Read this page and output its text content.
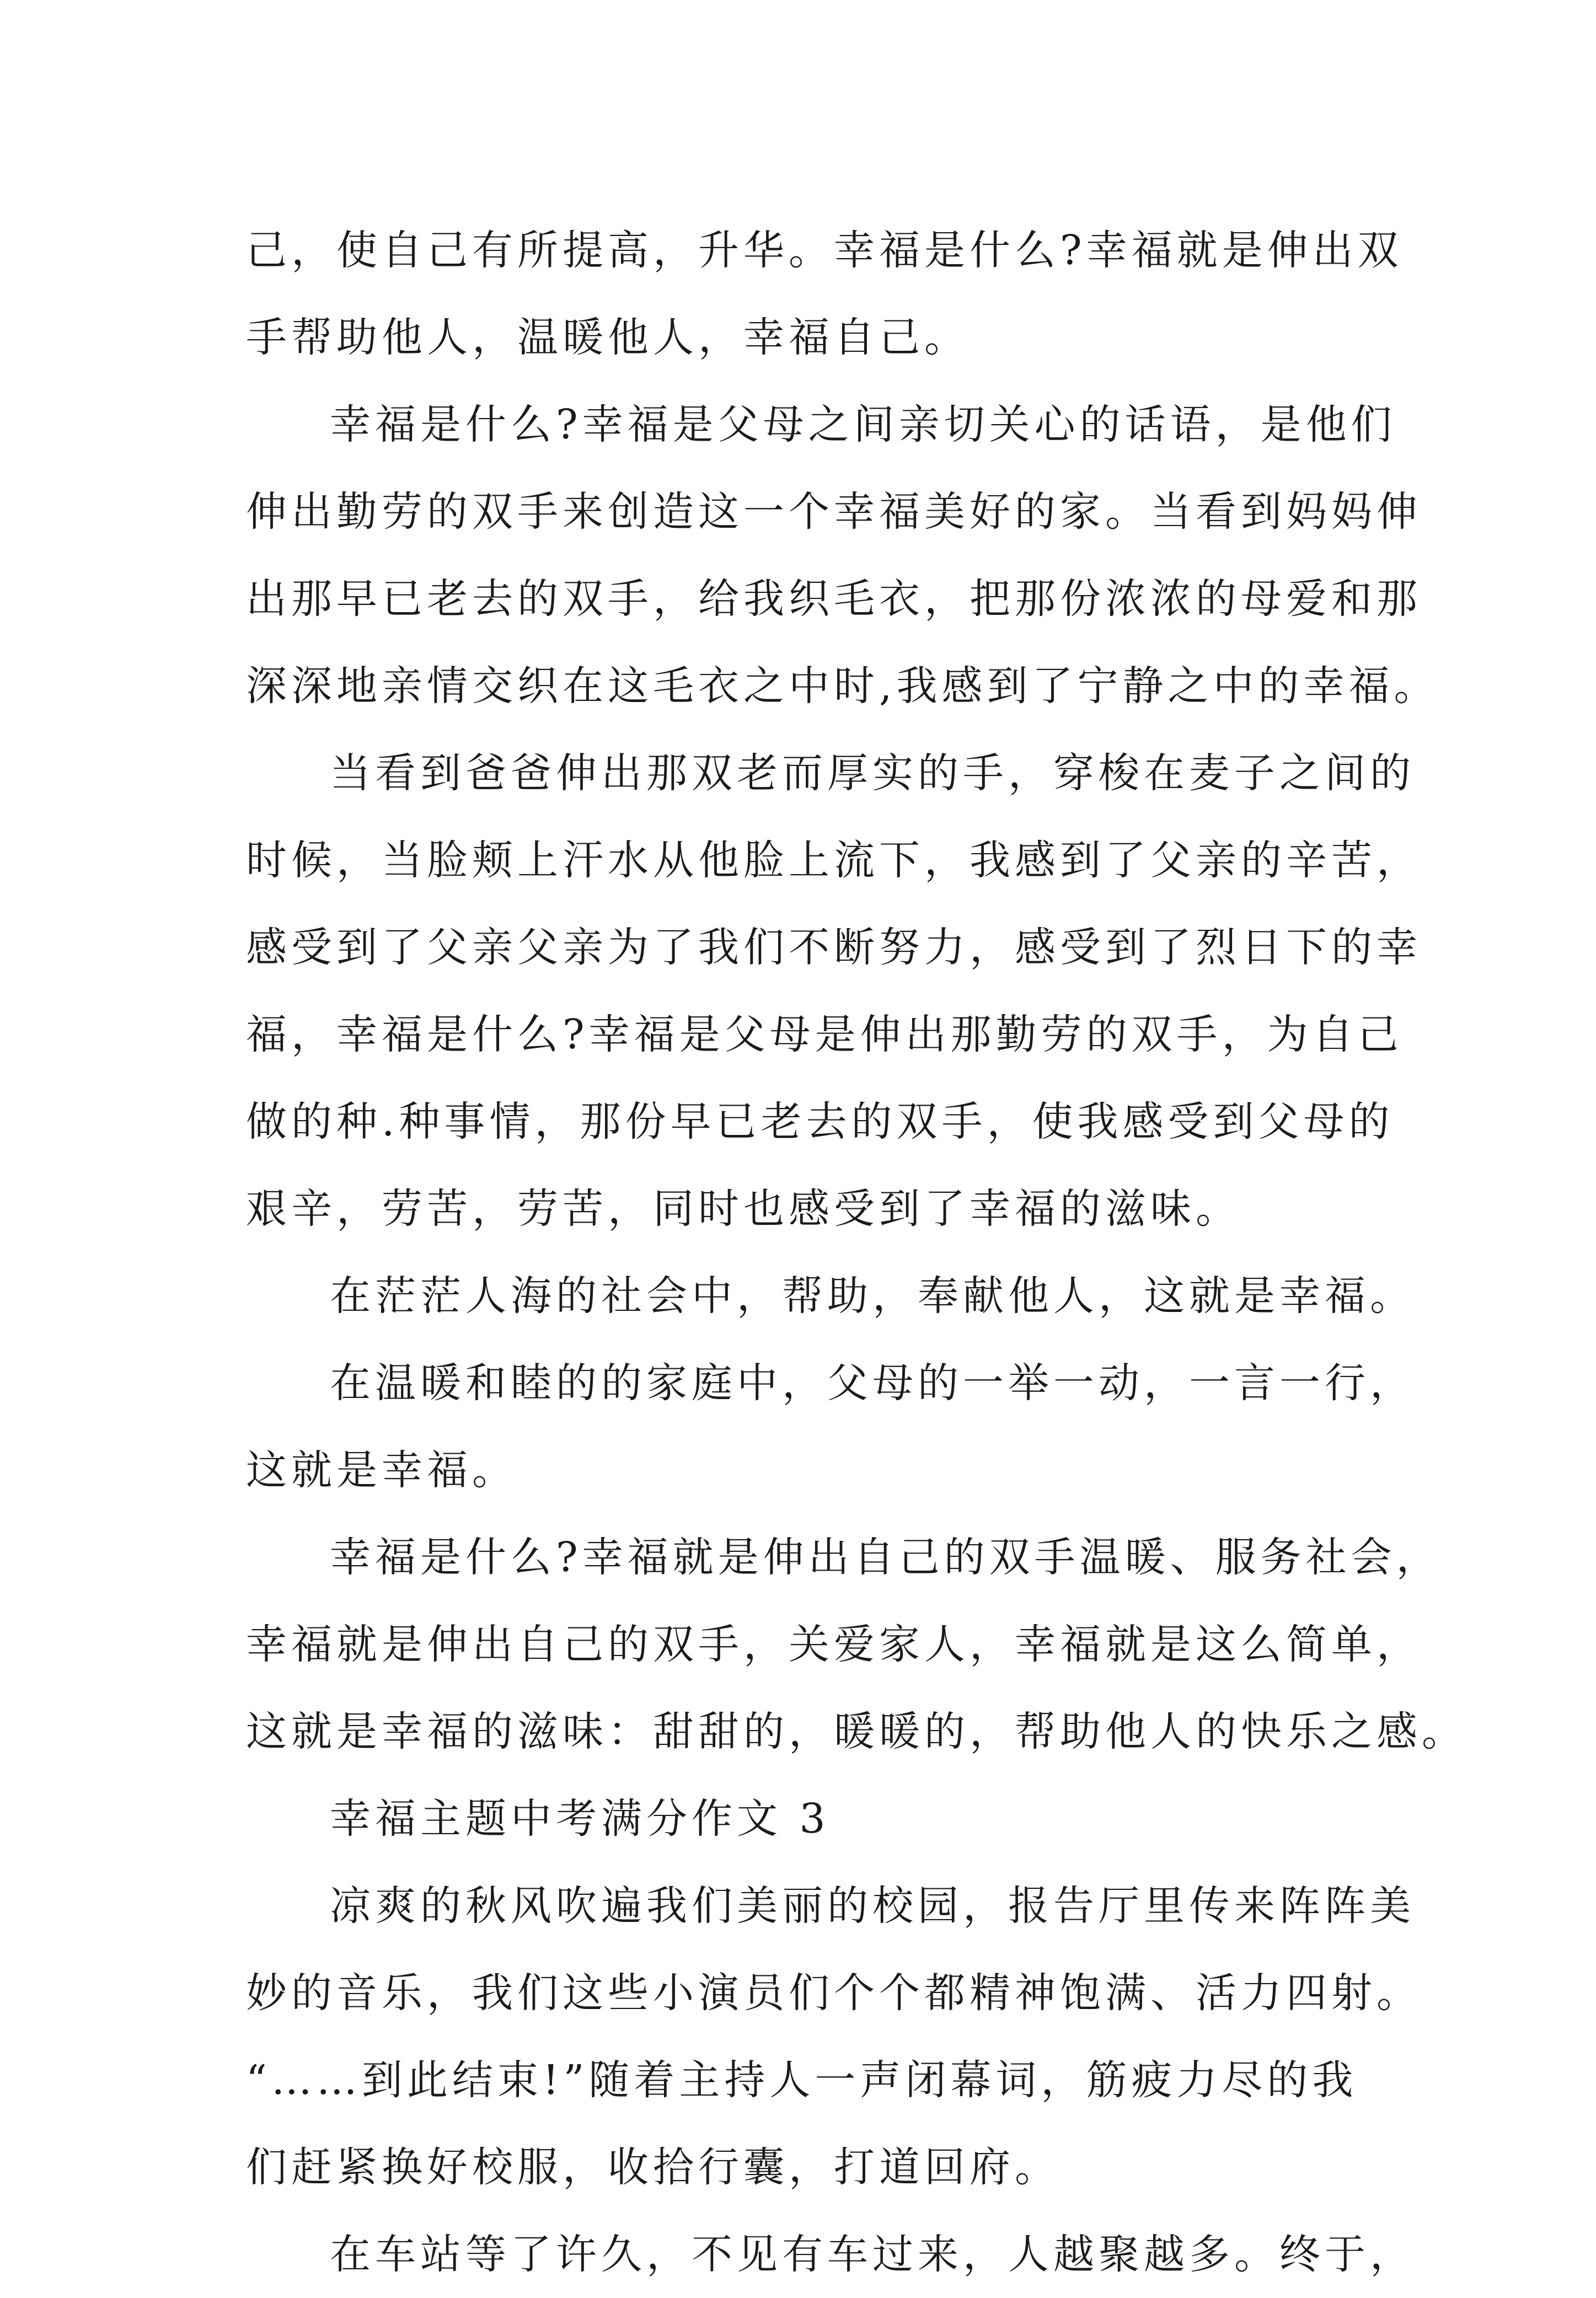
己，使自己有所提高，升华。幸福是什么?幸福就是伸出双
手帮助他人，温暖他人，幸福自己。
幸福是什么?幸福是父母之间亲切关心的话语，是他们
伸出勤劳的双手来创造这一个幸福美好的家。当看到妈妈伸
出那早已老去的双手，给我织毛衣，把那份浓浓的母爱和那
深深地亲情交织在这毛衣之中时,我感到了宁静之中的幸福。
当看到爸爸伸出那双老而厚实的手，穿梭在麦子之间的
时候，当脸颊上汗水从他脸上流下，我感到了父亲的辛苦，
感受到了父亲父亲为了我们不断努力，感受到了烈日下的幸
福，幸福是什么?幸福是父母是伸出那勤劳的双手，为自己
做的种.种事情，那份早已老去的双手，使我感受到父母的
艰辛，劳苦，劳苦，同时也感受到了幸福的滋味。
在茫茫人海的社会中，帮助，奉献他人，这就是幸福。
在温暖和睦的的家庭中，父母的一举一动，一言一行，
这就是幸福。
幸福是什么?幸福就是伸出自己的双手温暖、服务社会，
幸福就是伸出自己的双手，关爱家人，幸福就是这么简单，
这就是幸福的滋味：甜甜的，暖暖的，帮助他人的快乐之感。
幸福主题中考满分作文 3
凉爽的秋风吹遍我们美丽的校园，报告厅里传来阵阵美
妙的音乐，我们这些小演员们个个都精神饱满、活力四射。
“……到此结束!”随着主持人一声闭幕词，筋疲力尽的我
们赶紧换好校服，收拾行囊，打道回府。
在车站等了许久，不见有车过来，人越聚越多。终于，
